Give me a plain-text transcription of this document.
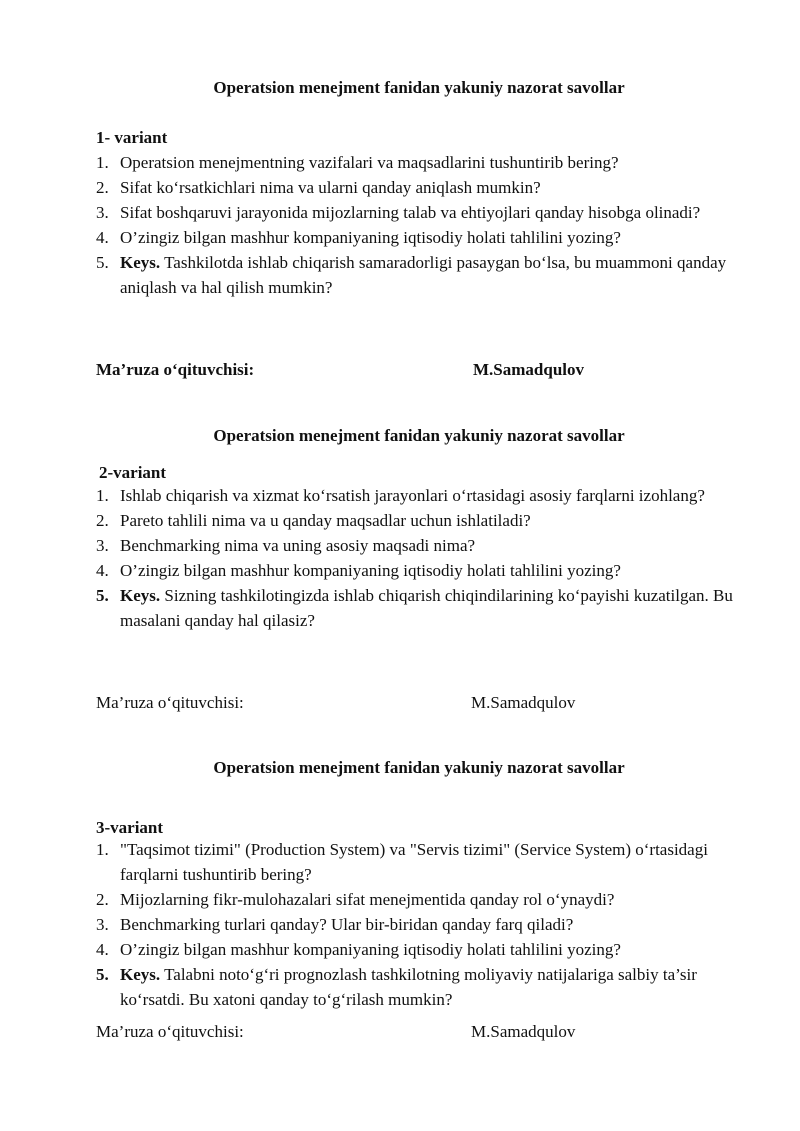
Operatsion menejment fanidan yakuniy nazorat savollar
1- variant
1. Operatsion menejmentning vazifalari va maqsadlarini tushuntirib bering?
2. Sifat ko‘rsatkichlari nima va ularni qanday aniqlash mumkin?
3. Sifat boshqaruvi jarayonida mijozlarning talab va ehtiyojlari qanday hisobga olinadi?
4. O’zingiz bilgan mashhur kompaniyaning iqtisodiy holati tahlilini yozing?
5. Keys. Tashkilotda ishlab chiqarish samaradorligi pasaygan bo‘lsa, bu muammoni qanday aniqlash va hal qilish mumkin?
Ma’ruza o‘qituvchisi:	M.Samadqulov
Operatsion menejment fanidan yakuniy nazorat savollar
2-variant
1. Ishlab chiqarish va xizmat ko‘rsatish jarayonlari o‘rtasidagi asosiy farqlarni izohlang?
2. Pareto tahlili nima va u qanday maqsadlar uchun ishlatiladi?
3. Benchmarking nima va uning asosiy maqsadi nima?
4. O’zingiz bilgan mashhur kompaniyaning iqtisodiy holati tahlilini yozing?
5. Keys. Sizning tashkilotingizda ishlab chiqarish chiqindilarining ko‘payishi kuzatilgan. Bu masalani qanday hal qilasiz?
Ma’ruza o‘qituvchisi:	M.Samadqulov
Operatsion menejment fanidan yakuniy nazorat savollar
3-variant
1. "Taqsimot tizimi" (Production System) va "Servis tizimi" (Service System) o‘rtasidagi farqlarni tushuntirib bering?
2. Mijozlarning fikr-mulohazalari sifat menejmentida qanday rol o‘ynaydi?
3. Benchmarking turlari qanday? Ular bir-biridan qanday farq qiladi?
4. O’zingiz bilgan mashhur kompaniyaning iqtisodiy holati tahlilini yozing?
5. Keys. Talabni noto‘g‘ri prognozlash tashkilotning moliyaviy natijalariga salbiy ta’sir ko‘rsatdi. Bu xatoni qanday to‘g‘rilash mumkin?
Ma’ruza o‘qituvchisi:	M.Samadqulov
